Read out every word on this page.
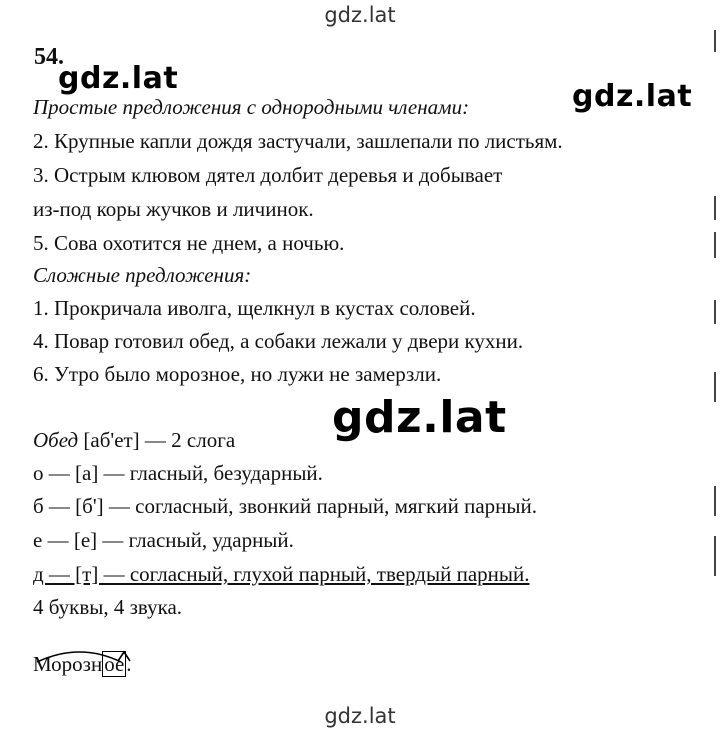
gdz.lat
gdz.lat
gdz.lat
gdz.lat
gdz.lat
54.
Простые предложения с однородными членами:
2. Крупные капли дождя застучали, зашлепали по листьям.
3. Острым клювом дятел долбит деревья и добывает
из-под коры жучков и личинок.
5. Сова охотится не днем, а ночью.
Сложные предложения:
1. Прокричала иволга, щелкнул в кустах соловей.
4. Повар готовил обед, а собаки лежали у двери кухни.
6. Утро было морозное, но лужи не замерзли.
Обед [аб'ет] — 2 слога
о — [а] — гласный, безударный.
б — [б'] — согласный, звонкий парный, мягкий парный.
е — [е] — гласный, ударный.
д — [т] — согласный, глухой парный, твердый парный.
4 буквы, 4 звука.
Морозное.
